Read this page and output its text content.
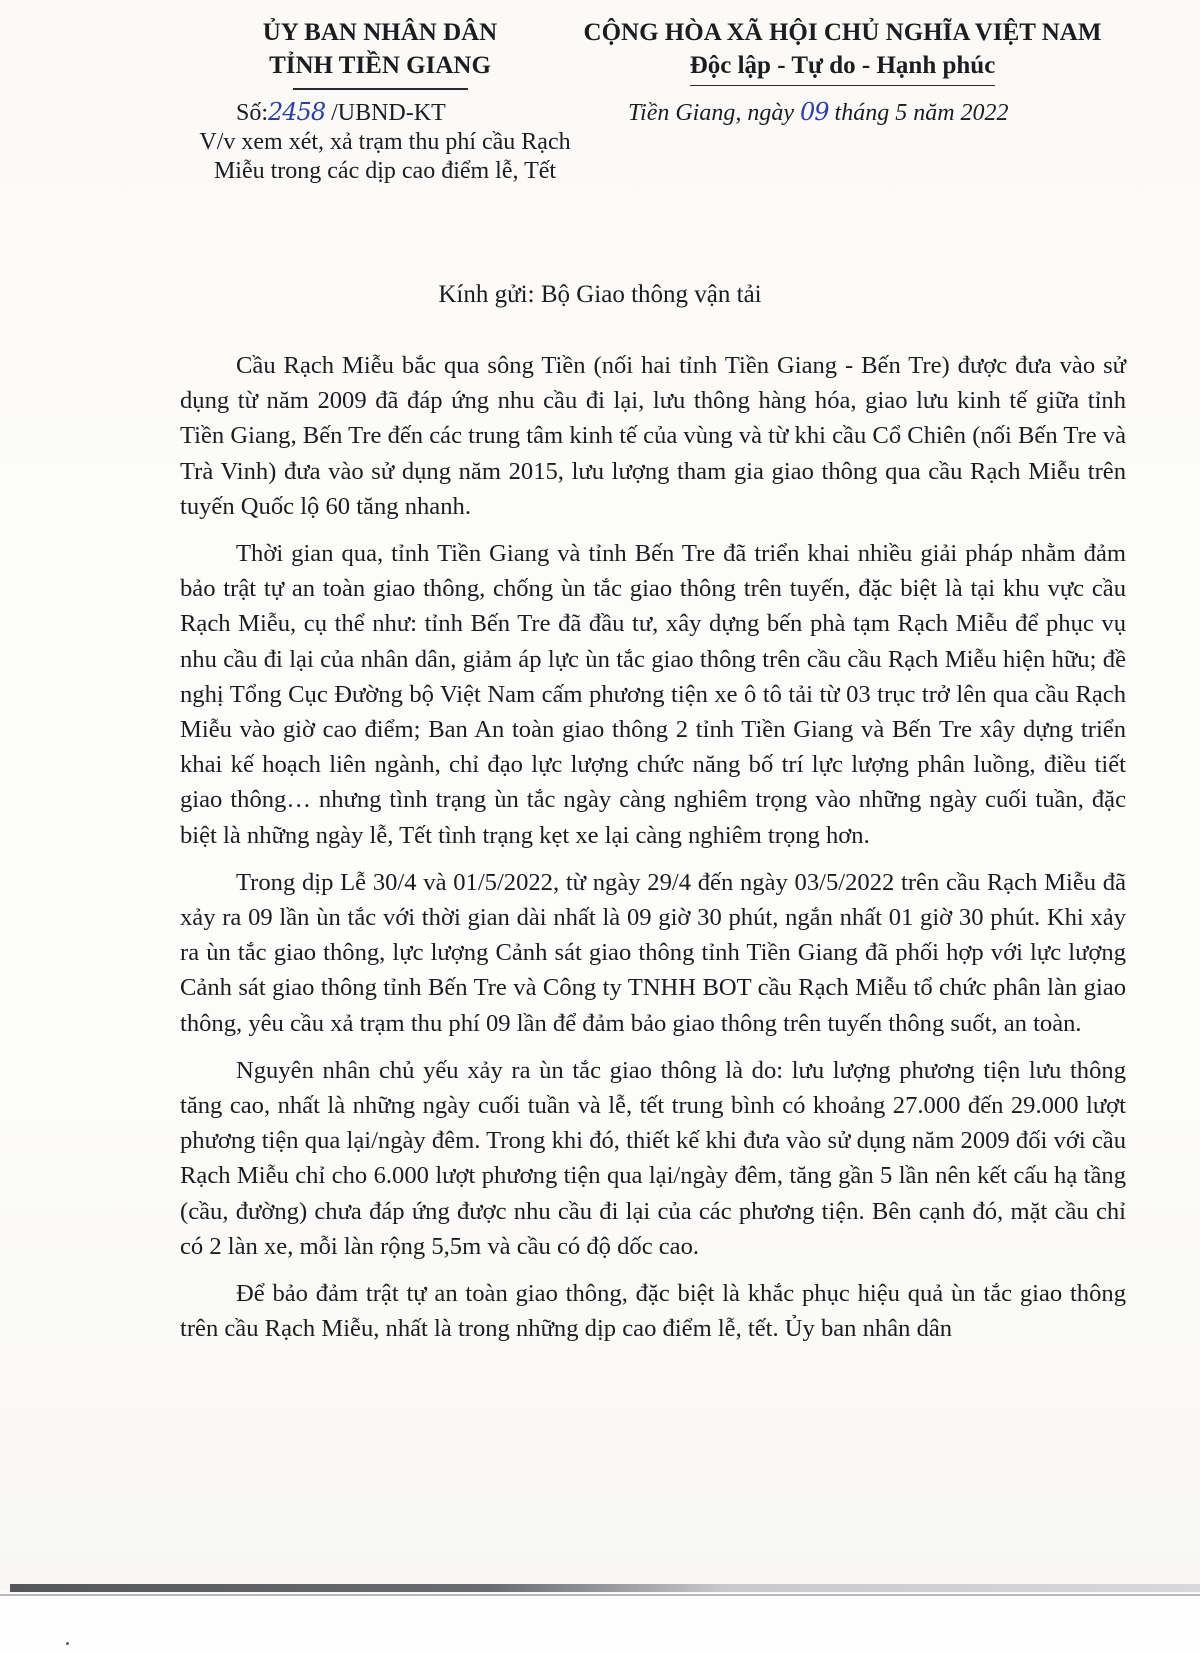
ỦY BAN NHÂN DÂN
TỈNH TIỀN GIANG
CỘNG HÒA XÃ HỘI CHỦ NGHĨA VIỆT NAM
Độc lập - Tự do - Hạnh phúc
Số:2458 /UBND-KT
V/v xem xét, xả trạm thu phí cầu Rạch Miễu trong các dịp cao điểm lễ, Tết
Tiền Giang, ngày 09 tháng 5 năm 2022
Kính gửi: Bộ Giao thông vận tải

Cầu Rạch Miễu bắc qua sông Tiền (nối hai tỉnh Tiền Giang - Bến Tre) được đưa vào sử dụng từ năm 2009 đã đáp ứng nhu cầu đi lại, lưu thông hàng hóa, giao lưu kinh tế giữa tỉnh Tiền Giang, Bến Tre đến các trung tâm kinh tế của vùng và từ khi cầu Cổ Chiên (nối Bến Tre và Trà Vinh) đưa vào sử dụng năm 2015, lưu lượng tham gia giao thông qua cầu Rạch Miễu trên tuyến Quốc lộ 60 tăng nhanh.

Thời gian qua, tỉnh Tiền Giang và tỉnh Bến Tre đã triển khai nhiều giải pháp nhằm đảm bảo trật tự an toàn giao thông, chống ùn tắc giao thông trên tuyến, đặc biệt là tại khu vực cầu Rạch Miễu, cụ thể như: tỉnh Bến Tre đã đầu tư, xây dựng bến phà tạm Rạch Miễu để phục vụ nhu cầu đi lại của nhân dân, giảm áp lực ùn tắc giao thông trên cầu cầu Rạch Miễu hiện hữu; đề nghị Tổng Cục Đường bộ Việt Nam cấm phương tiện xe ô tô tải từ 03 trục trở lên qua cầu Rạch Miễu vào giờ cao điểm; Ban An toàn giao thông 2 tỉnh Tiền Giang và Bến Tre xây dựng triển khai kế hoạch liên ngành, chỉ đạo lực lượng chức năng bố trí lực lượng phân luồng, điều tiết giao thông… nhưng tình trạng ùn tắc ngày càng nghiêm trọng vào những ngày cuối tuần, đặc biệt là những ngày lễ, Tết tình trạng kẹt xe lại càng nghiêm trọng hơn.

Trong dịp Lễ 30/4 và 01/5/2022, từ ngày 29/4 đến ngày 03/5/2022 trên cầu Rạch Miễu đã xảy ra 09 lần ùn tắc với thời gian dài nhất là 09 giờ 30 phút, ngắn nhất 01 giờ 30 phút. Khi xảy ra ùn tắc giao thông, lực lượng Cảnh sát giao thông tỉnh Tiền Giang đã phối hợp với lực lượng Cảnh sát giao thông tỉnh Bến Tre và Công ty TNHH BOT cầu Rạch Miễu tổ chức phân làn giao thông, yêu cầu xả trạm thu phí 09 lần để đảm bảo giao thông trên tuyến thông suốt, an toàn.

Nguyên nhân chủ yếu xảy ra ùn tắc giao thông là do: lưu lượng phương tiện lưu thông tăng cao, nhất là những ngày cuối tuần và lễ, tết trung bình có khoảng 27.000 đến 29.000 lượt phương tiện qua lại/ngày đêm. Trong khi đó, thiết kế khi đưa vào sử dụng năm 2009 đối với cầu Rạch Miễu chỉ cho 6.000 lượt phương tiện qua lại/ngày đêm, tăng gần 5 lần nên kết cấu hạ tầng (cầu, đường) chưa đáp ứng được nhu cầu đi lại của các phương tiện. Bên cạnh đó, mặt cầu chỉ có 2 làn xe, mỗi làn rộng 5,5m và cầu có độ dốc cao.

Để bảo đảm trật tự an toàn giao thông, đặc biệt là khắc phục hiệu quả ùn tắc giao thông trên cầu Rạch Miễu, nhất là trong những dịp cao điểm lễ, tết. Ủy ban nhân dân
